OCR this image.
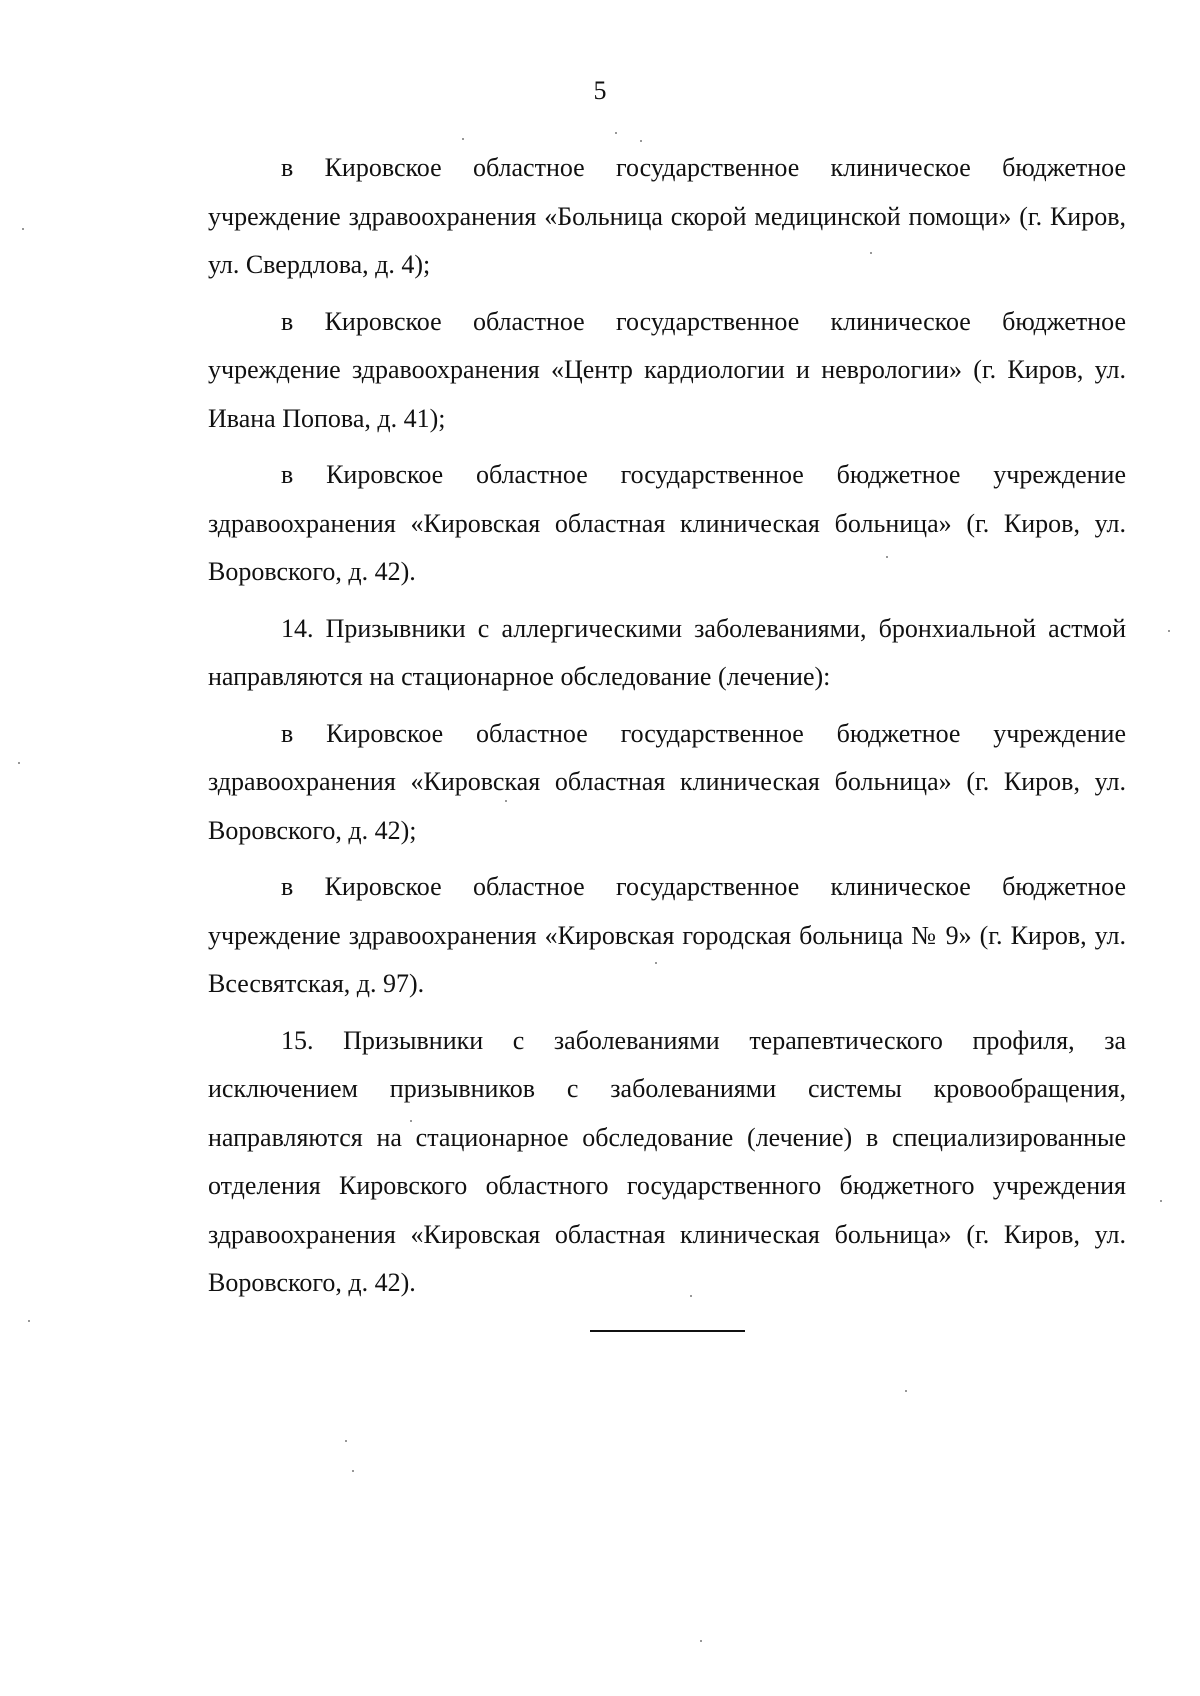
5

в Кировское областное государственное клиническое бюджетное учреждение здравоохранения «Больница скорой медицинской помощи» (г. Киров, ул. Свердлова, д. 4);

в Кировское областное государственное клиническое бюджетное учреждение здравоохранения «Центр кардиологии и неврологии» (г. Киров, ул. Ивана Попова, д. 41);

в Кировское областное государственное бюджетное учреждение здравоохранения «Кировская областная клиническая больница» (г. Киров, ул. Воровского, д. 42).

14. Призывники с аллергическими заболеваниями, бронхиальной астмой направляются на стационарное обследование (лечение):

в Кировское областное государственное бюджетное учреждение здравоохранения «Кировская областная клиническая больница» (г. Киров, ул. Воровского, д. 42);

в Кировское областное государственное клиническое бюджетное учреждение здравоохранения «Кировская городская больница № 9» (г. Киров, ул. Всесвятская, д. 97).

15. Призывники с заболеваниями терапевтического профиля, за исключением призывников с заболеваниями системы кровообращения, направляются на стационарное обследование (лечение) в специализированные отделения Кировского областного государственного бюджетного учреждения здравоохранения «Кировская областная клиническая больница» (г. Киров, ул. Воровского, д. 42).
